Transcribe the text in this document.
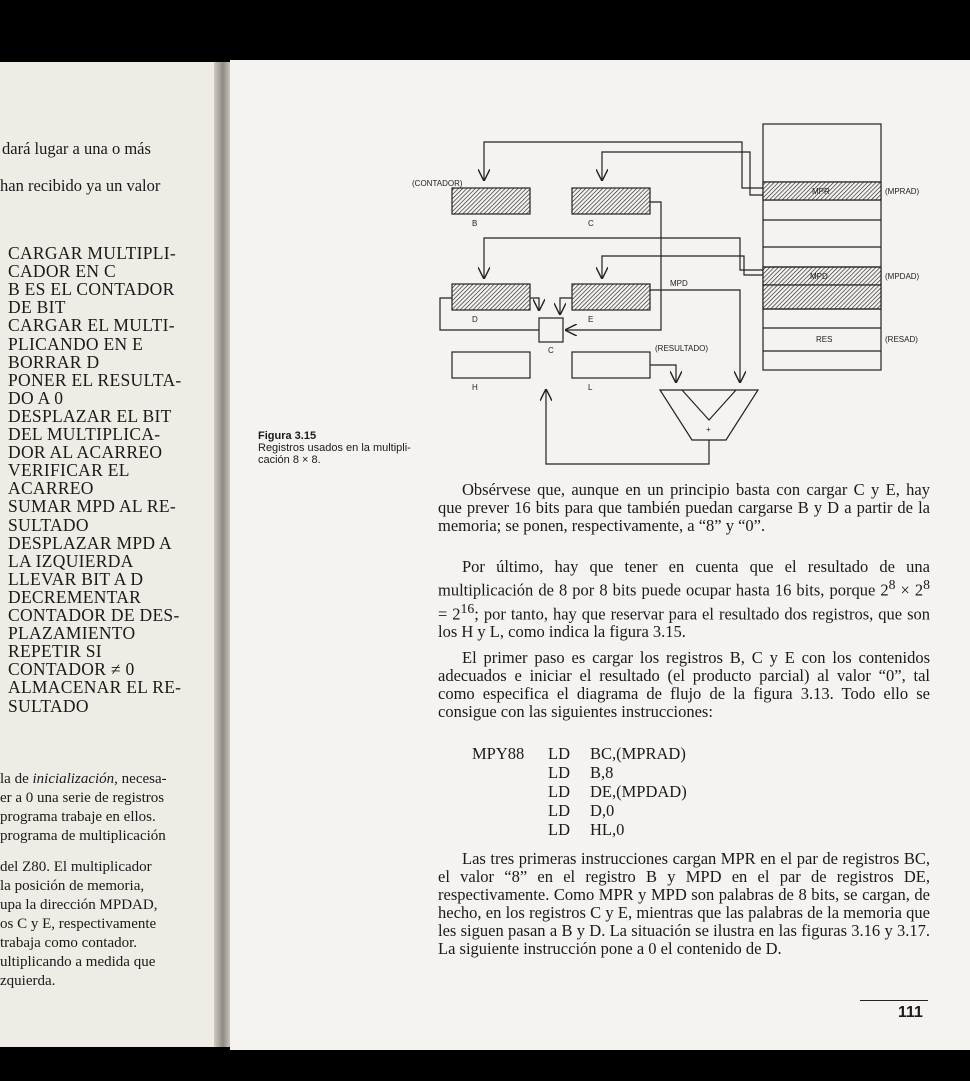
dará lugar a una o más
han recibido ya un valor
CARGAR MULTIPLI-
CADOR EN C
B ES EL CONTADOR
DE BIT
CARGAR EL MULTI-
PLICANDO EN E
BORRAR D
PONER EL RESULTA-
DO A 0
DESPLAZAR EL BIT
DEL MULTIPLICA-
DOR AL ACARREO
VERIFICAR EL
ACARREO
SUMAR MPD AL RE-
SULTADO
DESPLAZAR MPD A
LA IZQUIERDA
LLEVAR BIT A D
DECREMENTAR
CONTADOR DE DES-
PLAZAMIENTO
REPETIR SI
CONTADOR ≠ 0
ALMACENAR EL RE-
SULTADO
la de inicialización, necesa-
er a 0 una serie de registros
programa trabaje en ellos.
programa de multiplicación
del Z80. El multiplicador
la posición de memoria,
upa la dirección MPDAD,
os C y E, respectivamente
trabaja como contador.
ultiplicando a medida que
zquierda.
(CONTADOR)
B	C
D	E
H	L
C
MPD
(RESULTADO)
+
MPR	(MPRAD)
MPD	(MPDAD)
RES	(RESAD)
Figura 3.15
Registros usados en la multipli-
cación 8 × 8.

Obsérvese que, aunque en un principio basta con cargar C y E, hay que prever 16 bits para que también puedan cargarse B y D a partir de la memoria; se ponen, respectivamente, a “8” y “0”.

Por último, hay que tener en cuenta que el resultado de una multiplicación de 8 por 8 bits puede ocupar hasta 16 bits, porque $2^8 \times 2^8 = 2^{16}$; por tanto, hay que reservar para el resultado dos registros, que son los H y L, como indica la figura 3.15.

El primer paso es cargar los registros B, C y E con los contenidos adecuados e iniciar el resultado (el producto parcial) al valor “0”, tal como especifica el diagrama de flujo de la figura 3.13. Todo ello se consigue con las siguientes instrucciones:

MPY88	LD	BC,(MPRAD)
LD	B,8
LD	DE,(MPDAD)
LD	D,0
LD	HL,0

Las tres primeras instrucciones cargan MPR en el par de registros BC, el valor “8” en el registro B y MPD en el par de registros DE, respectivamente. Como MPR y MPD son palabras de 8 bits, se cargan, de hecho, en los registros C y E, mientras que las palabras de la memoria que les siguen pasan a B y D. La situación se ilustra en las figuras 3.16 y 3.17. La siguiente instrucción pone a 0 el contenido de D.

111
